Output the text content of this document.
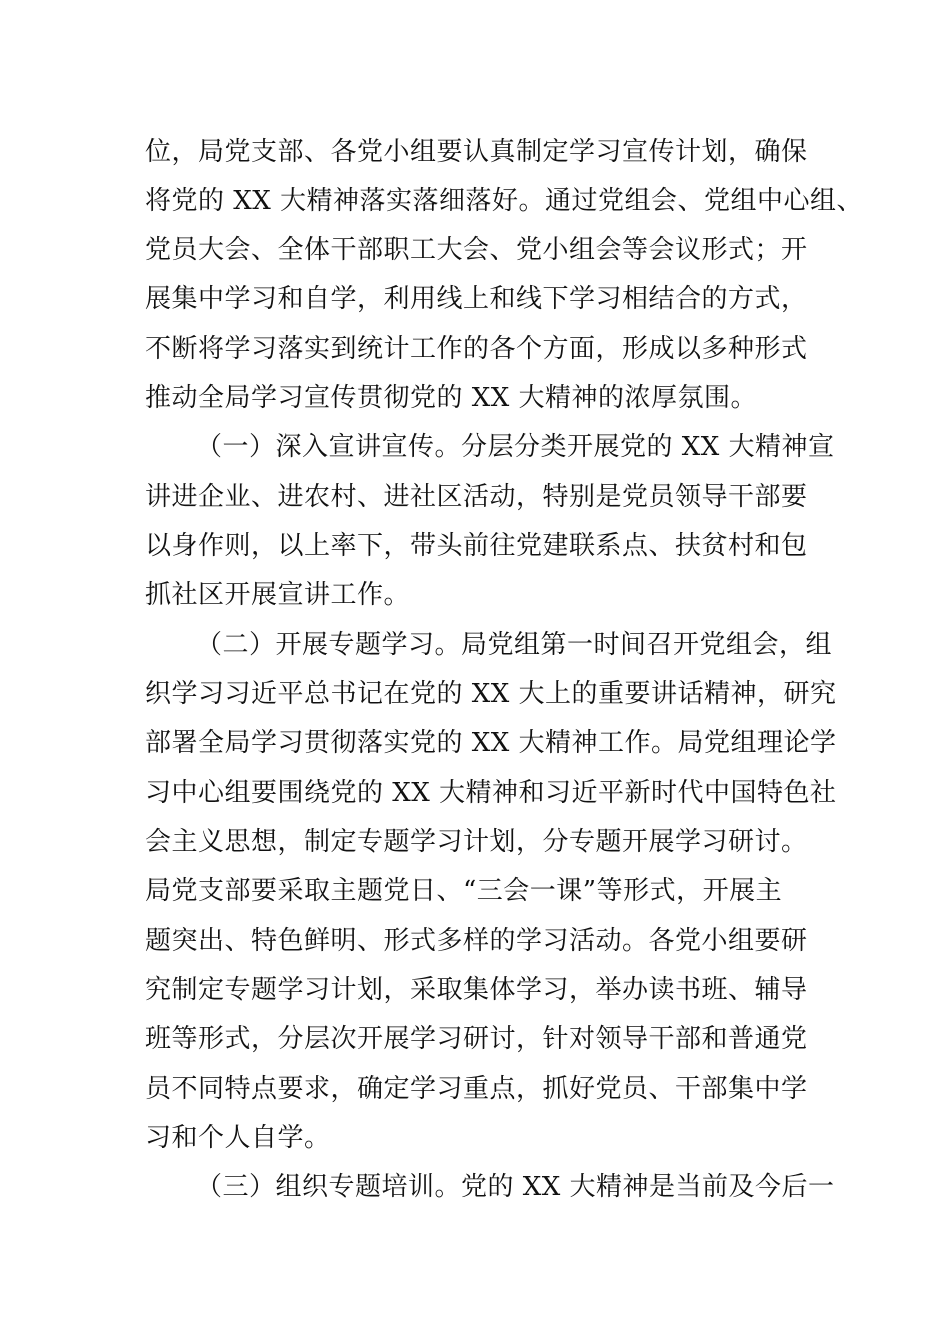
位，局党支部、各党小组要认真制定学习宣传计划，确保
将党的 XX 大精神落实落细落好。通过党组会、党组中心组、
党员大会、全体干部职工大会、党小组会等会议形式；开
展集中学习和自学，利用线上和线下学习相结合的方式，
不断将学习落实到统计工作的各个方面，形成以多种形式
推动全局学习宣传贯彻党的 XX 大精神的浓厚氛围。
（一）深入宣讲宣传。分层分类开展党的 XX 大精神宣
讲进企业、进农村、进社区活动，特别是党员领导干部要
以身作则，以上率下，带头前往党建联系点、扶贫村和包
抓社区开展宣讲工作。
（二）开展专题学习。局党组第一时间召开党组会，组
织学习习近平总书记在党的 XX 大上的重要讲话精神，研究
部署全局学习贯彻落实党的 XX 大精神工作。局党组理论学
习中心组要围绕党的 XX 大精神和习近平新时代中国特色社
会主义思想，制定专题学习计划，分专题开展学习研讨。
局党支部要采取主题党日、“三会一课”等形式，开展主
题突出、特色鲜明、形式多样的学习活动。各党小组要研
究制定专题学习计划，采取集体学习，举办读书班、辅导
班等形式，分层次开展学习研讨，针对领导干部和普通党
员不同特点要求，确定学习重点，抓好党员、干部集中学
习和个人自学。
（三）组织专题培训。党的 XX 大精神是当前及今后一
